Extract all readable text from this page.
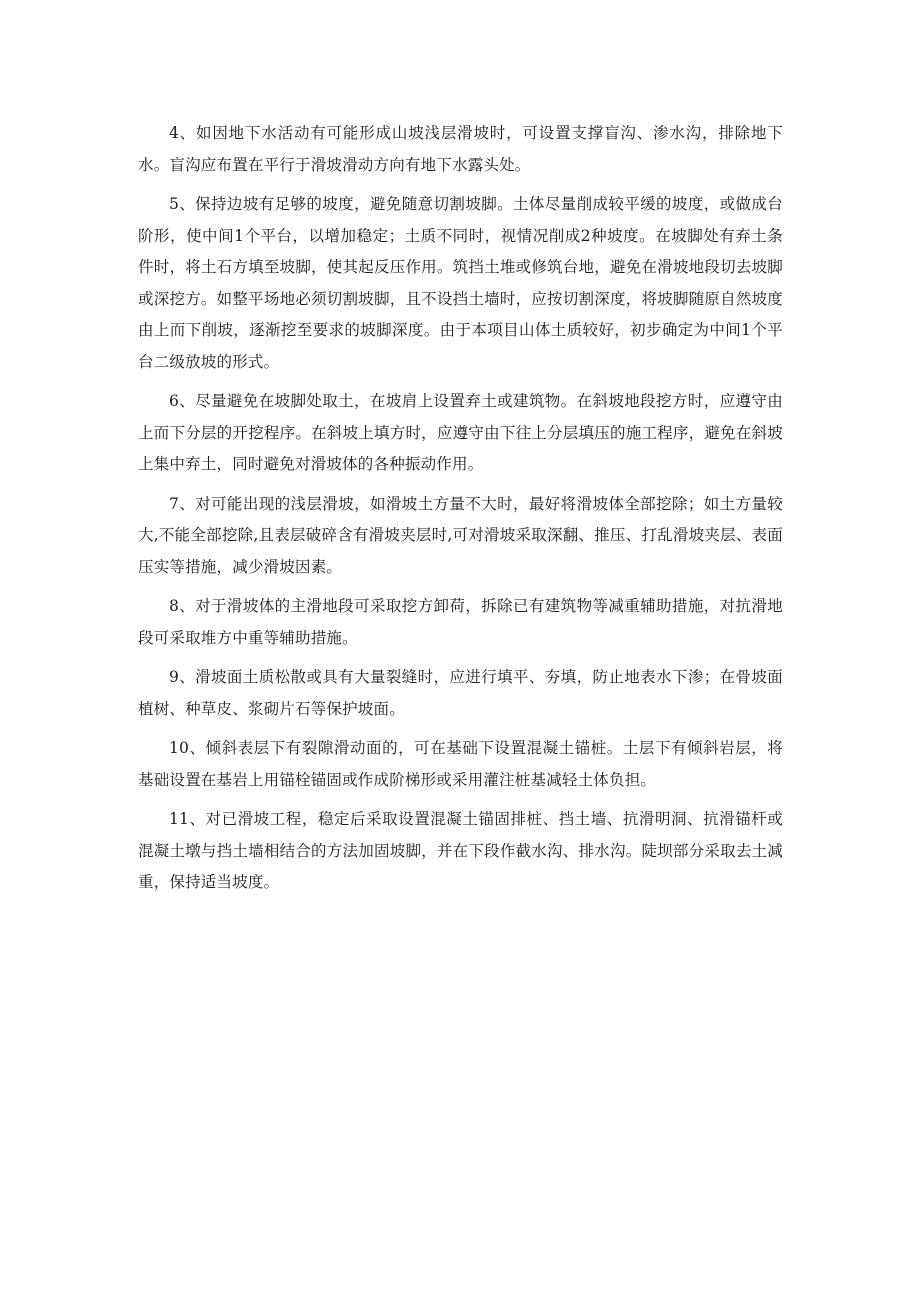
4、如因地下水活动有可能形成山坡浅层滑坡时，可设置支撑盲沟、渗水沟，排除地下水。盲沟应布置在平行于滑坡滑动方向有地下水露头处。

5、保持边坡有足够的坡度，避免随意切割坡脚。土体尽量削成较平缓的坡度，或做成台阶形，使中间1个平台，以增加稳定；土质不同时，视情况削成2种坡度。在坡脚处有弃土条件时，将土石方填至坡脚，使其起反压作用。筑挡土堆或修筑台地，避免在滑坡地段切去坡脚或深挖方。如整平场地必须切割坡脚，且不设挡土墙时，应按切割深度，将坡脚随原自然坡度由上而下削坡，逐渐挖至要求的坡脚深度。由于本项目山体土质较好，初步确定为中间1个平台二级放坡的形式。

6、尽量避免在坡脚处取土，在坡肩上设置弃土或建筑物。在斜坡地段挖方时，应遵守由上而下分层的开挖程序。在斜坡上填方时，应遵守由下往上分层填压的施工程序，避免在斜坡上集中弃土，同时避免对滑坡体的各种振动作用。

7、对可能出现的浅层滑坡，如滑坡土方量不大时，最好将滑坡体全部挖除；如土方量较大,不能全部挖除,且表层破碎含有滑坡夹层时,可对滑坡采取深翻、推压、打乱滑坡夹层、表面压实等措施，减少滑坡因素。

8、对于滑坡体的主滑地段可采取挖方卸荷，拆除已有建筑物等减重辅助措施，对抗滑地段可采取堆方中重等辅助措施。

9、滑坡面土质松散或具有大量裂缝时，应进行填平、夯填，防止地表水下渗；在骨坡面植树、种草皮、浆砌片石等保护坡面。

10、倾斜表层下有裂隙滑动面的，可在基础下设置混凝土锚桩。土层下有倾斜岩层，将基础设置在基岩上用锚栓锚固或作成阶梯形或采用灌注桩基减轻土体负担。

11、对已滑坡工程，稳定后采取设置混凝土锚固排桩、挡土墙、抗滑明洞、抗滑锚杆或混凝土墩与挡土墙相结合的方法加固坡脚，并在下段作截水沟、排水沟。陡坝部分采取去土减重，保持适当坡度。
